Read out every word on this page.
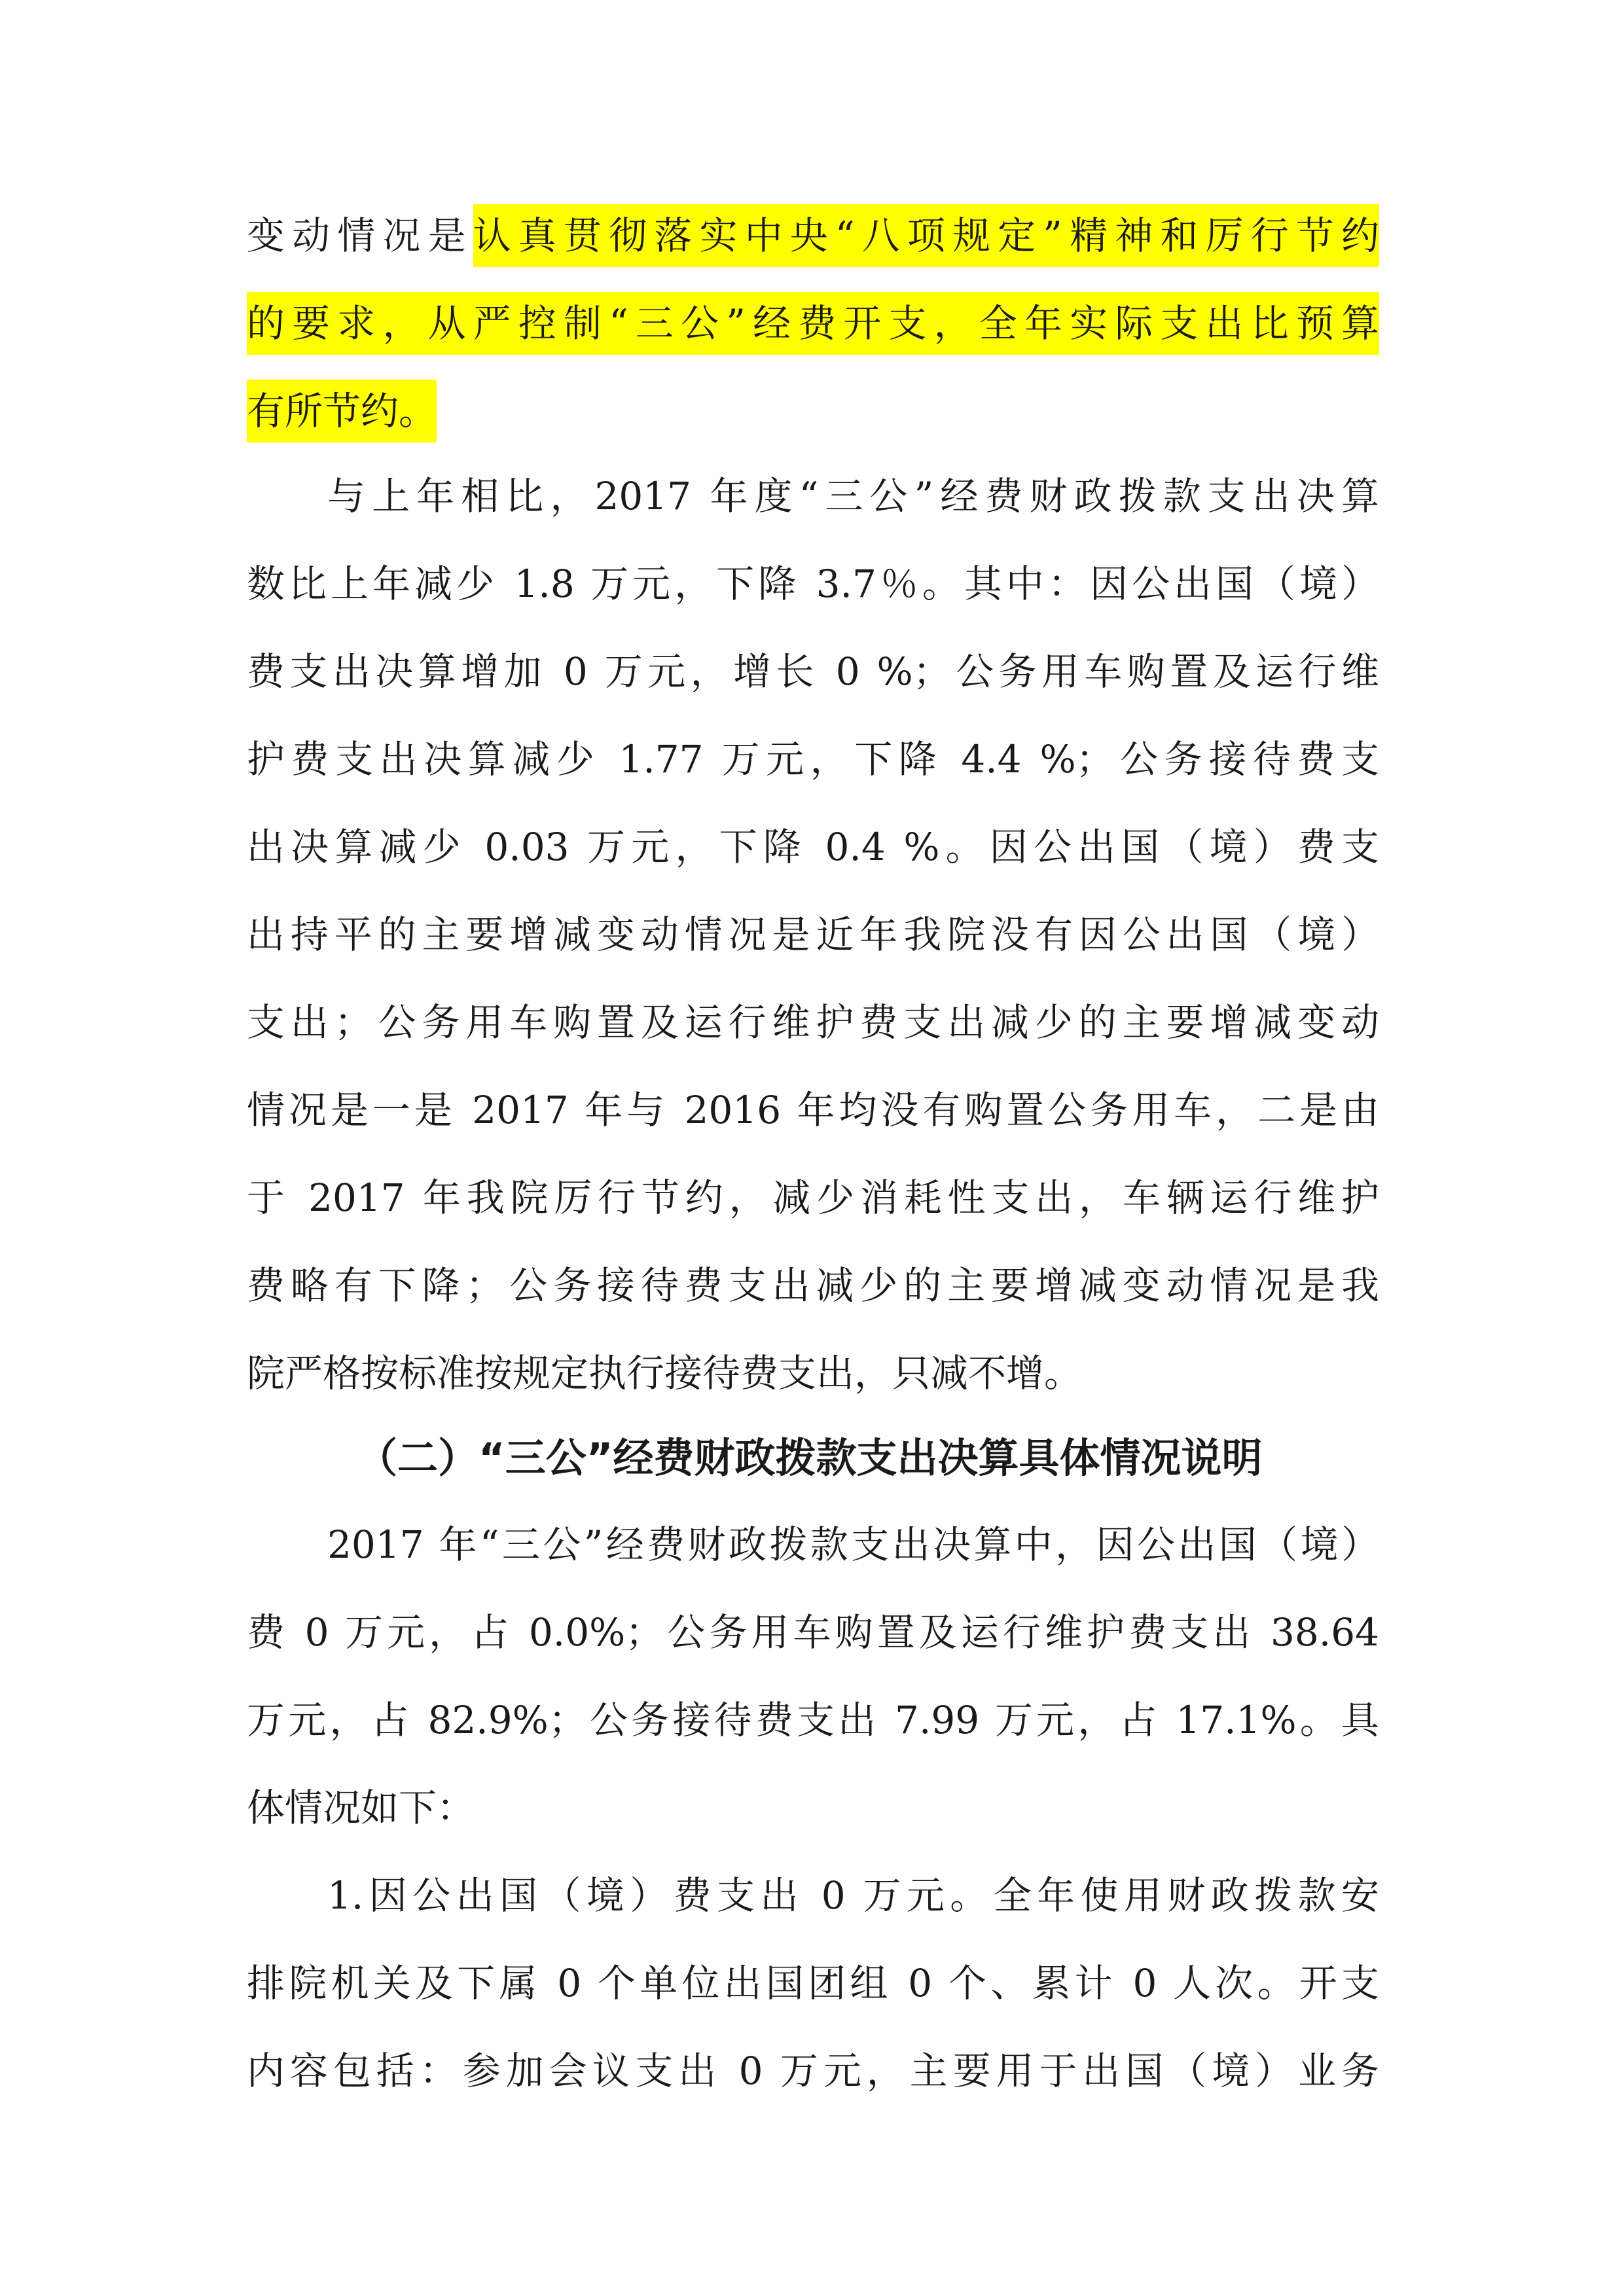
变动情况是认真贯彻落实中央“八项规定”精神和厉行节约

的要求，从严控制“三公”经费开支，全年实际支出比预算

有所节约。

与上年相比，2017 年度“三公”经费财政拨款支出决算

数比上年减少 1.8 万元，下降 3.7％。其中：因公出国（境）

费支出决算增加 0 万元，增长 0 %；公务用车购置及运行维

护费支出决算减少 1.77 万元，下降 4.4 %；公务接待费支

出决算减少 0.03 万元，下降 0.4 %。因公出国（境）费支

出持平的主要增减变动情况是近年我院没有因公出国（境）

支出；公务用车购置及运行维护费支出减少的主要增减变动

情况是一是 2017 年与 2016 年均没有购置公务用车，二是由

于 2017 年我院厉行节约，减少消耗性支出，车辆运行维护

费略有下降；公务接待费支出减少的主要增减变动情况是我

院严格按标准按规定执行接待费支出，只减不增。

（二）“三公”经费财政拨款支出决算具体情况说明

2017 年“三公”经费财政拨款支出决算中，因公出国（境）

费 0 万元，占 0.0%；公务用车购置及运行维护费支出 38.64

万元，占 82.9%；公务接待费支出 7.99 万元，占 17.1%。具

体情况如下：

1.因公出国（境）费支出 0 万元。全年使用财政拨款安

排院机关及下属 0 个单位出国团组 0 个、累计 0 人次。开支

内容包括：参加会议支出 0 万元，主要用于出国（境）业务
